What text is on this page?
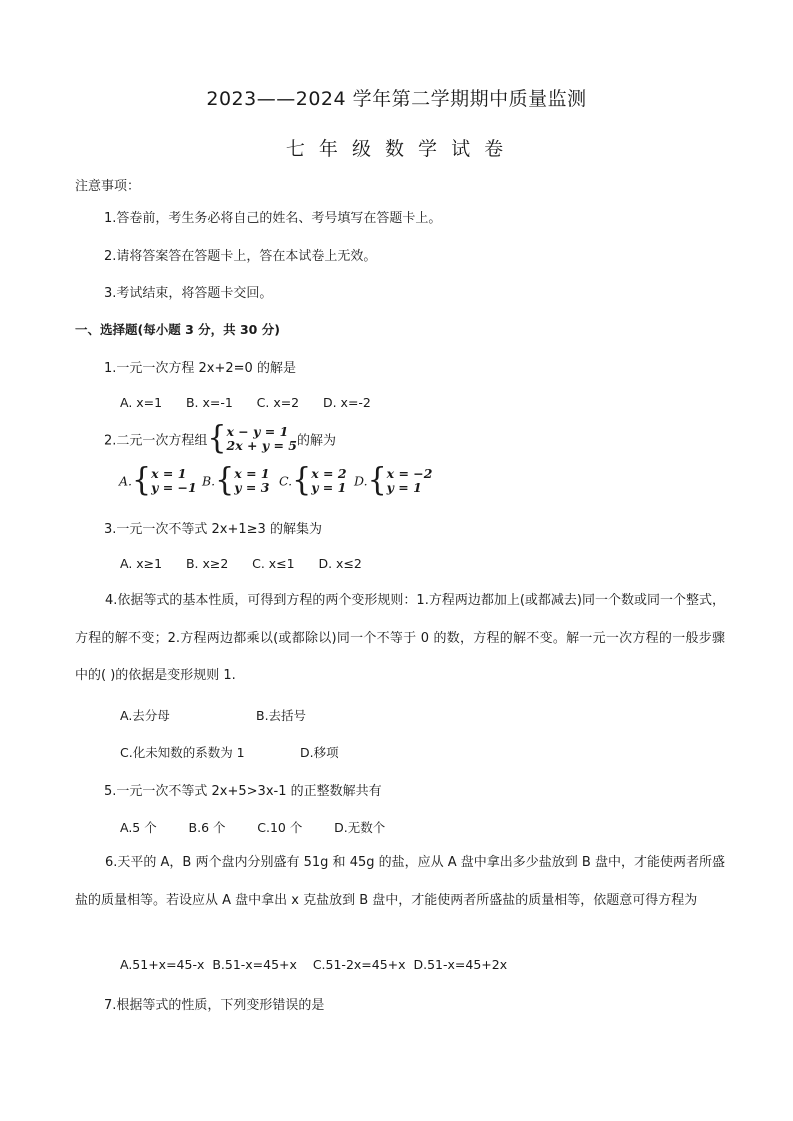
2023——2024 学年第二学期期中质量监测
七 年 级 数 学 试 卷
注意事项：
1.答卷前，考生务必将自己的姓名、考号填写在答题卡上。
2.请将答案答在答题卡上，答在本试卷上无效。
3.考试结束，将答题卡交回。
一、选择题(每小题 3 分，共 30 分)
1.一元一次方程 2x+2=0 的解是
A. x=1      B. x=-1      C. x=2      D. x=-2
2.二元一次方程组{x − y = 1
2x + y = 5的解为
A.{x = 1
y = −1 B.{x = 1
y = 3 C.{x = 2
y = 1 D.{x = −2
y = 1
3.一元一次不等式 2x+1≥3 的解集为
A. x≥1      B. x≥2      C. x≤1      D. x≤2
4.依据等式的基本性质，可得到方程的两个变形规则：1.方程两边都加上(或都减去)同一个数或同一个整式，方程的解不变；2.方程两边都乘以(或都除以)同一个不等于 0 的数，方程的解不变。解一元一次方程的一般步骤中的( )的依据是变形规则 1.
A.去分母	B.去括号
C.化未知数的系数为 1	D.移项
5.一元一次不等式 2x+5>3x-1 的正整数解共有
A.5 个        B.6 个        C.10 个        D.无数个
6.天平的 A，B 两个盘内分别盛有 51g 和 45g 的盐，应从 A 盘中拿出多少盐放到 B 盘中，才能使两者所盛盐的质量相等。若设应从 A 盘中拿出 x 克盐放到 B 盘中，才能使两者所盛盐的质量相等，依题意可得方程为
A.51+x=45-x  B.51-x=45+x    C.51-2x=45+x  D.51-x=45+2x
7.根据等式的性质，下列变形错误的是
